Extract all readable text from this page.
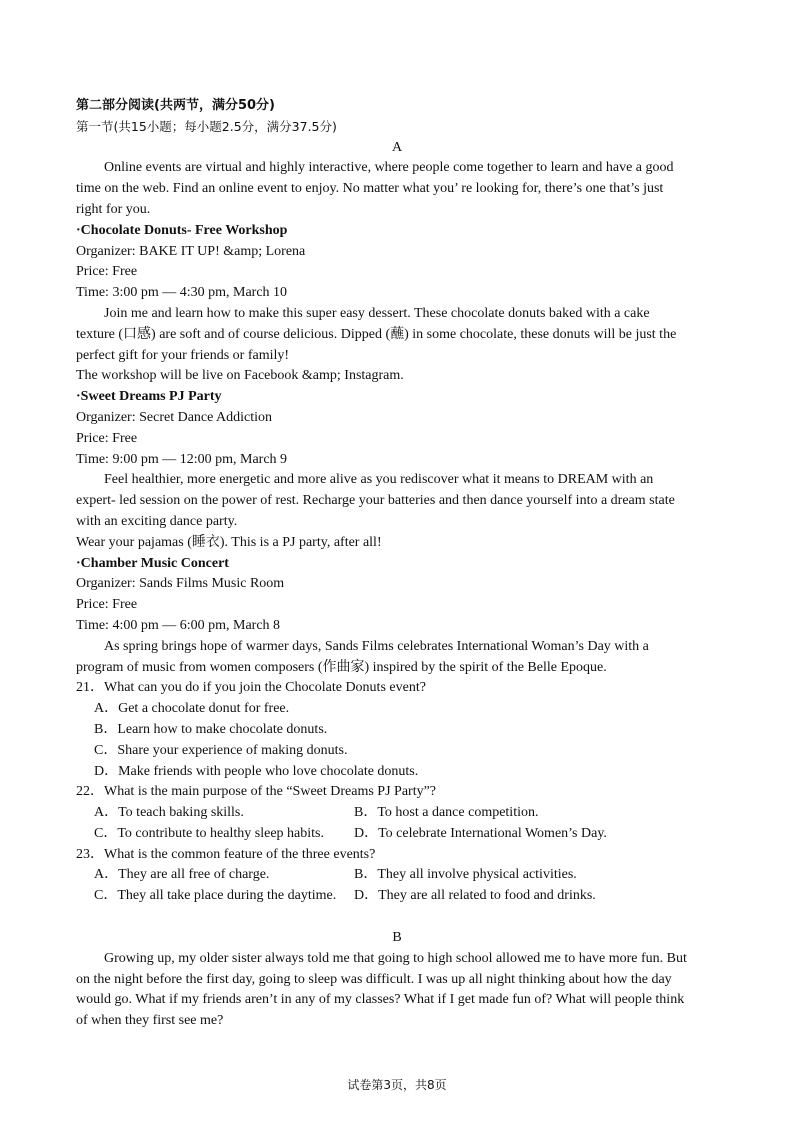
第二部分阅读(共两节，满分50分)
第一节(共15小题；每小题2.5分，满分37.5分)
A
Online events are virtual and highly interactive, where people come together to learn and have a good
time on the web. Find an online event to enjoy. No matter what you’ re looking for, there’s one that’s just
right for you.
·Chocolate Donuts- Free Workshop
Organizer: BAKE IT UP! &amp; Lorena
Price: Free
Time: 3:00 pm — 4:30 pm, March 10
Join me and learn how to make this super easy dessert. These chocolate donuts baked with a cake
texture (口感) are soft and of course delicious. Dipped (蘸) in some chocolate, these donuts will be just the
perfect gift for your friends or family!
The workshop will be live on Facebook &amp; Instagram.
·Sweet Dreams PJ Party
Organizer: Secret Dance Addiction
Price: Free
Time: 9:00 pm — 12:00 pm, March 9
Feel healthier, more energetic and more alive as you rediscover what it means to DREAM with an
expert- led session on the power of rest. Recharge your batteries and then dance yourself into a dream state
with an exciting dance party.
Wear your pajamas (睡衣). This is a PJ party, after all!
·Chamber Music Concert
Organizer: Sands Films Music Room
Price: Free
Time: 4:00 pm — 6:00 pm, March 8
As spring brings hope of warmer days, Sands Films celebrates International Woman’s Day with a
program of music from women composers (作曲家) inspired by the spirit of the Belle Epoque.
21．What can you do if you join the Chocolate Donuts event?
A．Get a chocolate donut for free.
B．Learn how to make chocolate donuts.
C．Share your experience of making donuts.
D．Make friends with people who love chocolate donuts.
22．What is the main purpose of the “Sweet Dreams PJ Party”?
A．To teach baking skills.	B．To host a dance competition.
C．To contribute to healthy sleep habits.	D．To celebrate International Women’s Day.
23．What is the common feature of the three events?
A．They are all free of charge.	B．They all involve physical activities.
C．They all take place during the daytime.	D．They are all related to food and drinks.
B
Growing up, my older sister always told me that going to high school allowed me to have more fun. But
on the night before the first day, going to sleep was difficult. I was up all night thinking about how the day
would go. What if my friends aren’t in any of my classes? What if I get made fun of? What will people think
of when they first see me?
试卷第3页，共8页
